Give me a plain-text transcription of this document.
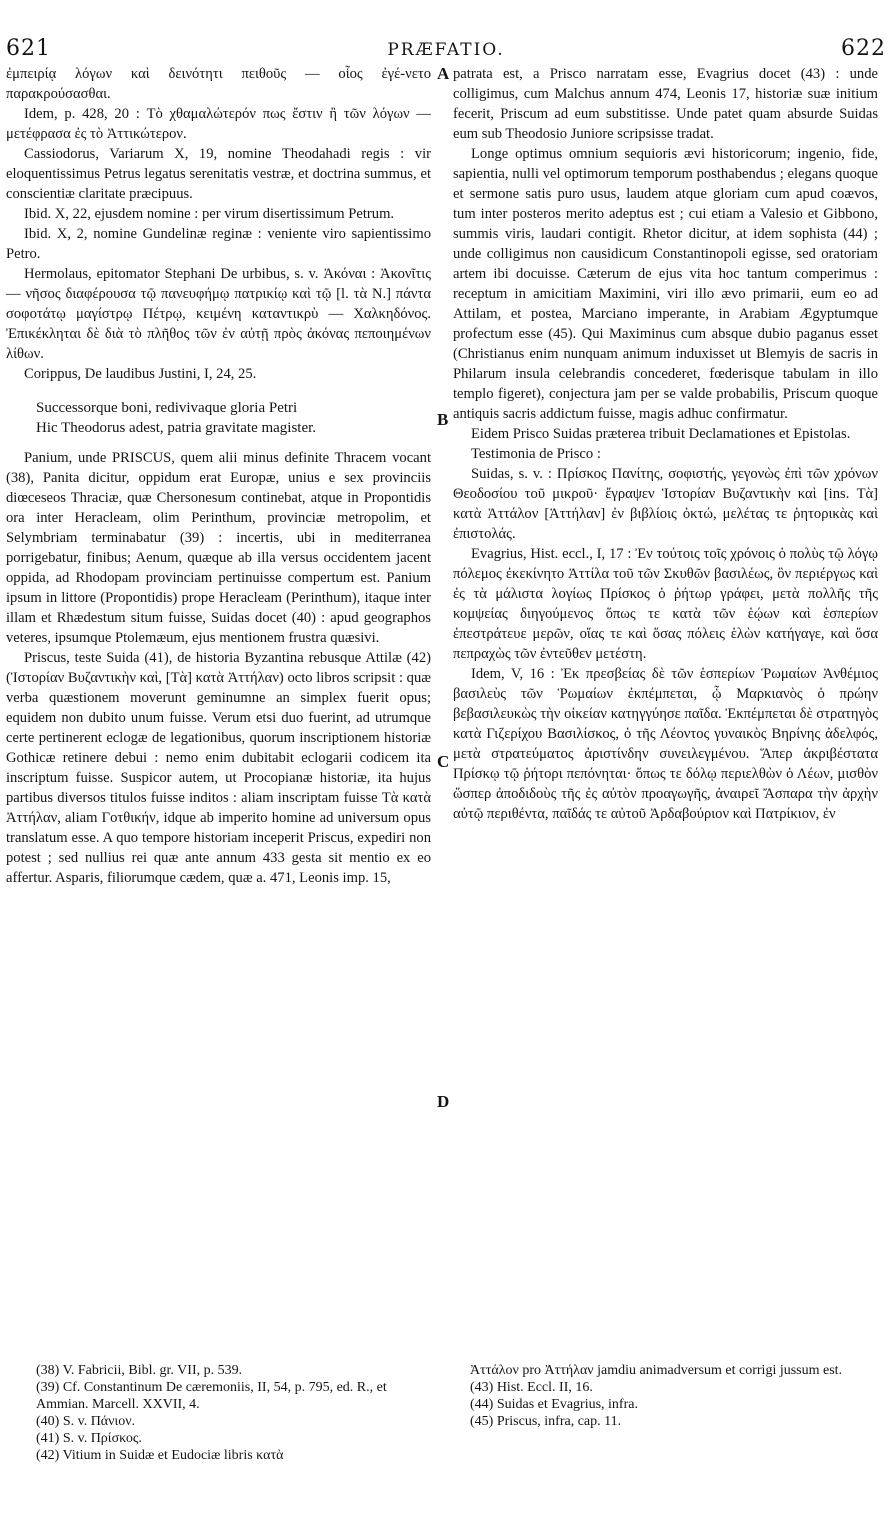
621	PRÆFATIO.	622
A
B
C
D

ἐμπειρίᾳ λόγων καὶ δεινότητι πειθοῦς — οἷος ἐγέ-νετο παρακρούσασθαι.

Idem, p. 428, 20 : Τὸ χθαμαλώτερόν πως ἔστιν ἢ τῶν λόγων — μετέφρασα ἐς τὸ Ἀττικώτερον.

Cassiodorus, Variarum X, 19, nomine Theodahadi regis : vir eloquentissimus Petrus legatus serenitatis vestræ, et doctrina summus, et conscientiæ claritate præcipuus.

Ibid. X, 22, ejusdem nomine : per virum disertissimum Petrum.

Ibid. X, 2, nomine Gundelinæ reginæ : veniente viro sapientissimo Petro.

Hermolaus, epitomator Stephani De urbibus, s. v. Ἀκόναι : Ἀκονῖτις — νῆσος διαφέρουσα τῷ πανευφήμῳ πατρικίῳ καὶ τῷ [l. τὰ N.] πάντα σοφοτάτῳ μαγίστρῳ Πέτρῳ, κειμένη καταντικρὺ — Χαλκηδόνος. Ἐπικέκληται δὲ διὰ τὸ πλῆθος τῶν ἐν αὐτῇ πρὸς ἀκόνας πεποιημένων λίθων.

Corippus, De laudibus Justini, I, 24, 25.

Successorque boni, redivivaque gloria Petri
Hic Theodorus adest, patria gravitate magister.

Panium, unde PRISCUS, quem alii minus definite Thracem vocant (38), Panita dicitur, oppidum erat Europæ, unius e sex provinciis diœceseos Thraciæ, quæ Chersonesum continebat, atque in Propontidis ora inter Heracleam, olim Perinthum, provinciæ metropolim, et Selymbriam terminabatur (39) : incertis, ubi in mediterranea porrigebatur, finibus; Aenum, quæque ab illa versus occidentem jacent oppida, ad Rhodopam provinciam pertinuisse compertum est. Panium ipsum in littore (Propontidis) prope Heracleam (Perinthum), itaque inter illam et Rhædestum situm fuisse, Suidas docet (40) : apud geographos veteres, ipsumque Ptolemæum, ejus mentionem frustra quæsivi.

Priscus, teste Suida (41), de historia Byzantina rebusque Attilæ (42) (Ἱστορίαν Βυζαντικὴν καὶ, [Τὰ] κατὰ Ἀττήλαν) octo libros scripsit : quæ verba quæstionem moverunt geminumne an simplex fuerit opus; equidem non dubito unum fuisse. Verum etsi duo fuerint, ad utrumque certe pertinerent eclogæ de legationibus, quorum inscriptionem historiæ Gothicæ retinere debui : nemo enim dubitabit eclogarii codicem ita inscriptum fuisse. Suspicor autem, ut Procopianæ historiæ, ita hujus partibus diversos titulos fuisse inditos : aliam inscriptam fuisse Τὰ κατὰ Ἀττήλαν, aliam Γοτθικήν, idque ab imperito homine ad universum opus translatum esse. A quo tempore historiam inceperit Priscus, expediri non potest ; sed nullius rei quæ ante annum 433 gesta sit mentio ex eo affertur. Asparis, filiorumque cædem, quæ a. 471, Leonis imp. 15,

patrata est, a Prisco narratam esse, Evagrius docet (43) : unde colligimus, cum Malchus annum 474, Leonis 17, historiæ suæ initium fecerit, Priscum ad eum substitisse. Unde patet quam absurde Suidas eum sub Theodosio Juniore scripsisse tradat.

Longe optimus omnium sequioris ævi historicorum; ingenio, fide, sapientia, nulli vel optimorum temporum posthabendus ; elegans quoque et sermone satis puro usus, laudem atque gloriam cum apud coævos, tum inter posteros merito adeptus est ; cui etiam a Valesio et Gibbono, summis viris, laudari contigit. Rhetor dicitur, at idem sophista (44) ; unde colligimus non causidicum Constantinopoli egisse, sed oratoriam artem ibi docuisse. Cæterum de ejus vita hoc tantum comperimus : receptum in amicitiam Maximini, viri illo ævo primarii, eum eo ad Attilam, et postea, Marciano imperante, in Arabiam Ægyptumque profectum esse (45). Qui Maximinus cum absque dubio paganus esset (Christianus enim nunquam animum induxisset ut Blemyis de sacris in Philarum insula celebrandis concederet, fœderisque tabulam in illo templo figeret), conjectura jam per se valde probabilis, Priscum quoque antiquis sacris addictum fuisse, magis adhuc confirmatur.

Eidem Prisco Suidas præterea tribuit Declamationes et Epistolas.

Testimonia de Prisco :

Suidas, s. v. : Πρίσκος Πανίτης, σοφιστής, γεγονὼς ἐπὶ τῶν χρόνων Θεοδοσίου τοῦ μικροῦ· ἔγραψεν Ἱστορίαν Βυζαντικὴν καὶ [ins. Τὰ] κατὰ Ἀττάλον [Ἀττήλαν] ἐν βιβλίοις ὀκτώ, μελέτας τε ῥητορικὰς καὶ ἐπιστολάς.

Evagrius, Hist. eccl., I, 17 : Ἐν τούτοις τοῖς χρόνοις ὁ πολὺς τῷ λόγῳ πόλεμος ἐκεκίνητο Ἀττίλα τοῦ τῶν Σκυθῶν βασιλέως, ὃν περιέργως καὶ ἐς τὰ μάλιστα λογίως Πρίσκος ὁ ῥήτωρ γράφει, μετὰ πολλῆς τῆς κομψείας διηγούμενος ὅπως τε κατὰ τῶν ἑῴων καὶ ἑσπερίων ἐπεστράτευε μερῶν, οἵας τε καὶ ὅσας πόλεις ἑλὼν κατήγαγε, καὶ ὅσα πεπραχὼς τῶν ἐντεῦθεν μετέστη.

Idem, V, 16 : Ἐκ πρεσβείας δὲ τῶν ἑσπερίων Ῥωμαίων Ἀνθέμιος βασιλεὺς τῶν Ῥωμαίων ἐκπέμπεται, ᾧ Μαρκιανὸς ὁ πρώην βεβασιλευκὼς τὴν οἰκείαν κατηγγύησε παῖδα. Ἐκπέμπεται δὲ στρατηγὸς κατὰ Γιζερίχου Βασιλίσκος, ὁ τῆς Λέοντος γυναικὸς Βηρίνης ἀδελφός, μετὰ στρατεύματος ἀριστίνδην συνειλεγμένου. Ἅπερ ἀκριβέστατα Πρίσκῳ τῷ ῥήτορι πεπόνηται· ὅπως τε δόλῳ περιελθὼν ὁ Λέων, μισθὸν ὥσπερ ἀποδιδοὺς τῆς ἐς αὐτὸν προαγωγῆς, ἀναιρεῖ Ἄσπαρα τὴν ἀρχὴν αὐτῷ περιθέντα, παῖδάς τε αὐτοῦ Ἀρδαβούριον καὶ Πατρίκιον, ἐν

(38) V. Fabricii, Bibl. gr. VII, p. 539.

(39) Cf. Constantinum De cæremoniis, II, 54, p. 795, ed. R., et Ammian. Marcell. XXVII, 4.

(40) S. v. Πάνιον.

(41) S. v. Πρίσκος.

(42) Vitium in Suidæ et Eudociæ libris κατὰ

Ἀττάλον pro Ἀττήλαν jamdiu animadversum et corrigi jussum est.

(43) Hist. Eccl. II, 16.

(44) Suidas et Evagrius, infra.

(45) Priscus, infra, cap. 11.
